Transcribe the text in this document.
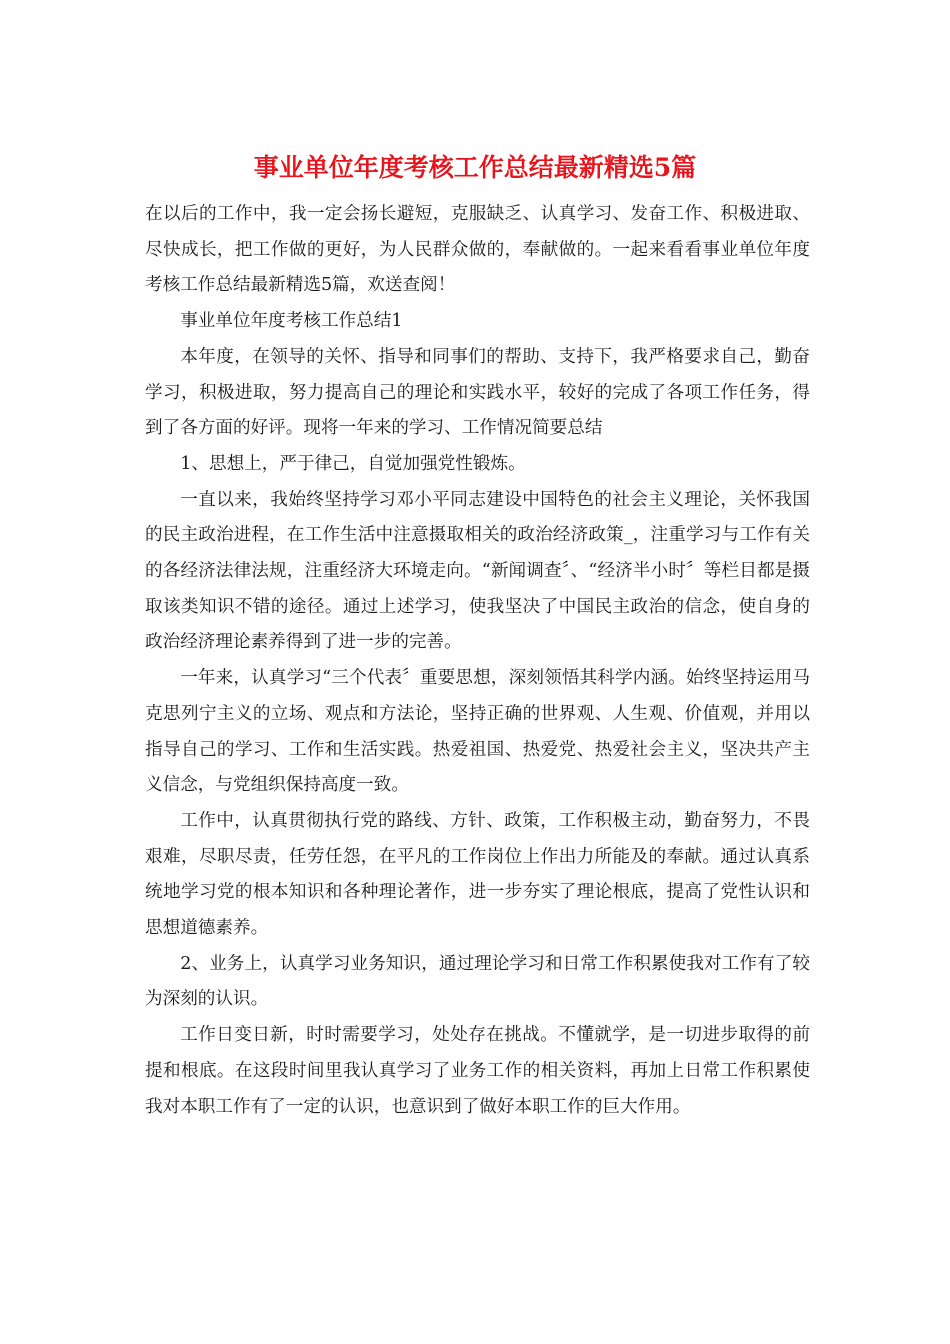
事业单位年度考核工作总结最新精选5篇

在以后的工作中，我一定会扬长避短，克服缺乏、认真学习、发奋工作、积极进取、尽快成长，把工作做的更好，为人民群众做的，奉献做的。一起来看看事业单位年度考核工作总结最新精选5篇，欢送查阅！

事业单位年度考核工作总结1

本年度，在领导的关怀、指导和同事们的帮助、支持下，我严格要求自己，勤奋学习，积极进取，努力提高自己的理论和实践水平，较好的完成了各项工作任务，得到了各方面的好评。现将一年来的学习、工作情况简要总结

1、思想上，严于律己，自觉加强党性锻炼。

一直以来，我始终坚持学习邓小平同志建设中国特色的社会主义理论，关怀我国的民主政治进程，在工作生活中注意摄取相关的政治经济政策_，注重学习与工作有关的各经济法律法规，注重经济大环境走向。“新闻调查〞、“经济半小时〞等栏目都是摄取该类知识不错的途径。通过上述学习，使我坚决了中国民主政治的信念，使自身的政治经济理论素养得到了进一步的完善。

一年来，认真学习“三个代表〞重要思想，深刻领悟其科学内涵。始终坚持运用马克思列宁主义的立场、观点和方法论，坚持正确的世界观、人生观、价值观，并用以指导自己的学习、工作和生活实践。热爱祖国、热爱党、热爱社会主义，坚决共产主义信念，与党组织保持高度一致。

工作中，认真贯彻执行党的路线、方针、政策，工作积极主动，勤奋努力，不畏艰难，尽职尽责，任劳任怨，在平凡的工作岗位上作出力所能及的奉献。通过认真系统地学习党的根本知识和各种理论著作，进一步夯实了理论根底，提高了党性认识和思想道德素养。

2、业务上，认真学习业务知识，通过理论学习和日常工作积累使我对工作有了较为深刻的认识。

工作日变日新，时时需要学习，处处存在挑战。不懂就学，是一切进步取得的前提和根底。在这段时间里我认真学习了业务工作的相关资料，再加上日常工作积累使我对本职工作有了一定的认识，也意识到了做好本职工作的巨大作用。
